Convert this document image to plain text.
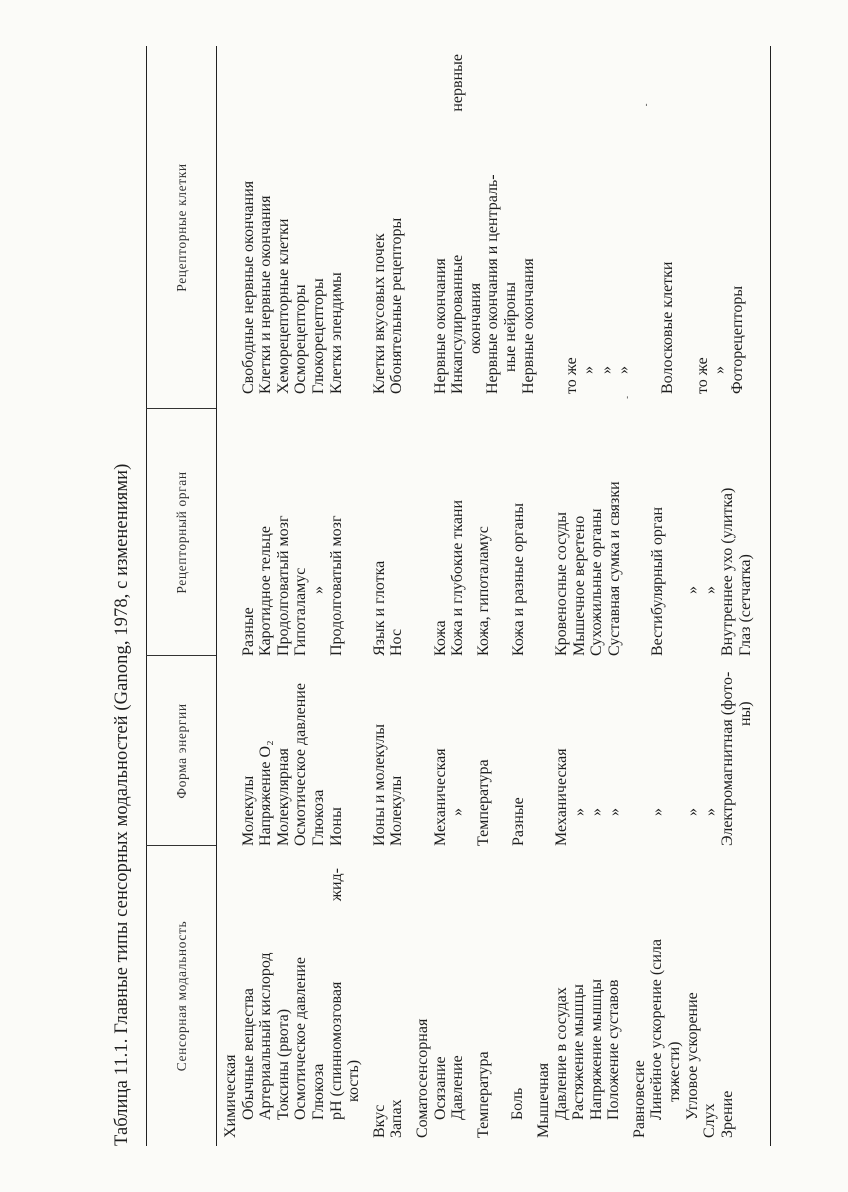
Таблица 11.1. Главные типы сенсорных модальностей (Ganong, 1978, с изменениями)	Сенсорная модальность
Форма энергии
Рецепторный орган
Рецепторные клетки
Химическая Обычные вещества Артериальный кислород Токсины (рвота) Осмотическое давление Глюкоза pH (спинномозговая
жид-
кость)
Вкус Запах Соматосенсорная Осязание Давление Температура Боль Мышечная Давление в сосудах Растяжение мышцы Напряжение мышцы Положение суставов Равновесие Линейное ускорение (сила тяжести) Угловое ускорение
Слух Зрение
Молекулы Напряжение O₂ Молекулярная Осмотическое давление Глюкоза Ионы Ионы и молекулы Молекулы Механическая » Температура Разные Механическая » » » » » » Электромагнитная (фото- ны)
Разные Каротидное тельце Продолговатый мозг Гипоталамус » Продолговатый мозг Язык и глотка Нос Кожа Кожа и глубокие ткани Кожа, гипоталамус Кожа и разные органы Кровеносные сосуды Мышечное веретено Сухожильные органы Суставная сумка и связки Вестибулярный орган » » Внутреннее ухо (улитка) Глаз (сетчатка)
Свободные нервные окончания Клетки и нервные окончания Хеморецепторные клетки Осморецепторы Глюкорецепторы Клетки эпендимы Клетки вкусовых почек Обонятельные рецепторы Нервные окончания Инкапсулированные
нервные
окончания Нервные окончания и централь- ные нейроны Нервные окончания то же » » » Волосковые клетки то же » Фоторецепторы
ˌ
ˈ
